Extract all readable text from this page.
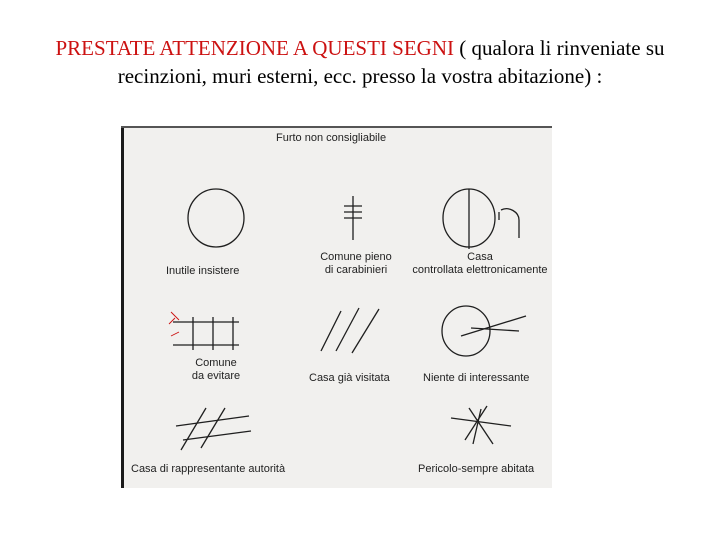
PRESTATE ATTENZIONE A QUESTI SEGNI ( qualora li rinveniate su recinzioni, muri esterni, ecc. presso la vostra abitazione) :
Furto non consigliabile
Inutile insistere
Comune pieno
di carabinieri
Casa
controllata elettronicamente
Comune
da evitare	Casa già visitata	Niente di interessante
Casa di rappresentante autorità	Pericolo-sempre abitata
